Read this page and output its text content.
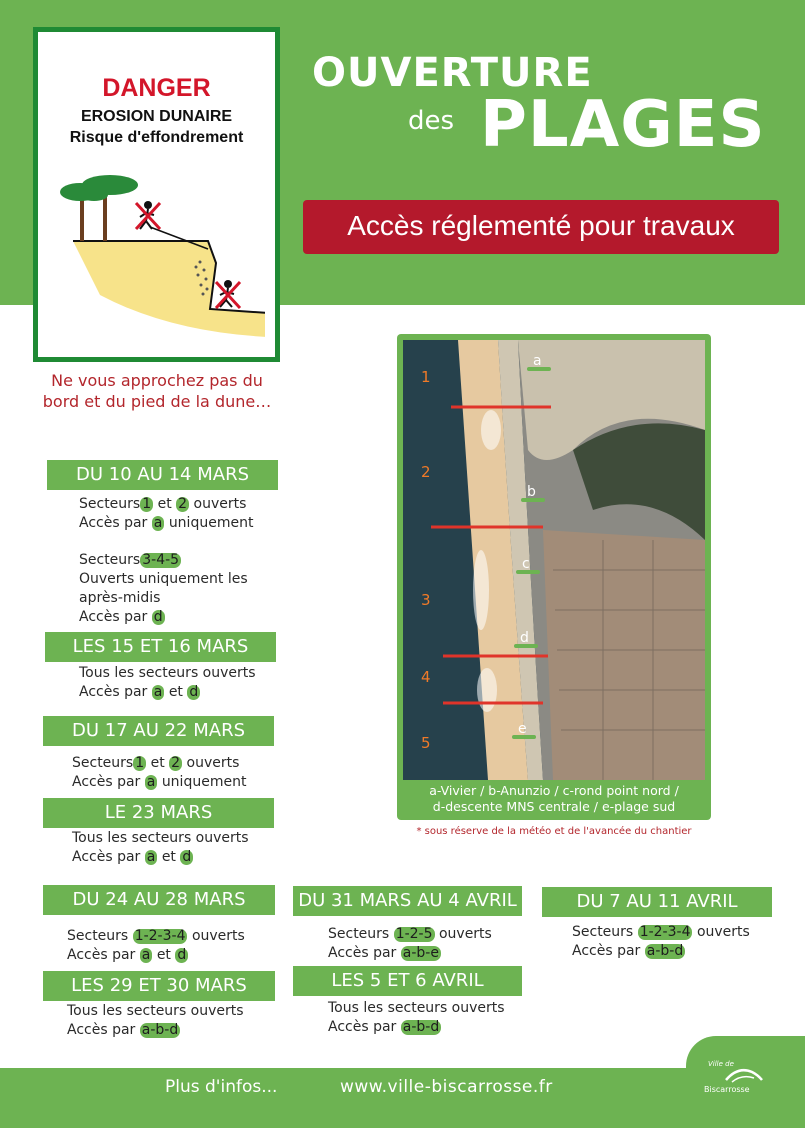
DANGER
EROSION DUNAIRE
Risque d'effondrement
Ne vous approchez pas du
bord et du pied de la dune…
OUVERTURE
des PLAGES
Accès réglementé pour travaux
1
2
3
4
5
a
b
c
d
e
a-Vivier / b-Anunzio / c-rond point nord /
d-descente MNS centrale / e-plage sud
* sous réserve de la météo et de l'avancée du chantier
DU 10 AU 14 MARS
Secteurs 1 et 2 ouverts
Accès par a uniquement
Secteurs 3-4-5
Ouverts uniquement les
après-midis
Accès par d
LES 15 ET 16 MARS
Tous les secteurs ouverts
Accès par a et d
DU 17 AU 22 MARS
Secteurs 1 et 2 ouverts
Accès par a uniquement
LE 23 MARS
Tous les secteurs ouverts
Accès par a et d
DU 24 AU 28 MARS
Secteurs 1-2-3-4 ouverts
Accès par a et d
LES 29 ET 30 MARS
Tous les secteurs ouverts
Accès par a-b-d
DU 31 MARS AU 4 AVRIL
Secteurs 1-2-5 ouverts
Accès par a-b-e
LES 5 ET 6 AVRIL
Tous les secteurs ouverts
Accès par a-b-d
DU 7 AU 11 AVRIL
Secteurs 1-2-3-4 ouverts
Accès par a-b-d
Plus d'infos...	www.ville-biscarrosse.fr
Ville de
Biscarrosse
